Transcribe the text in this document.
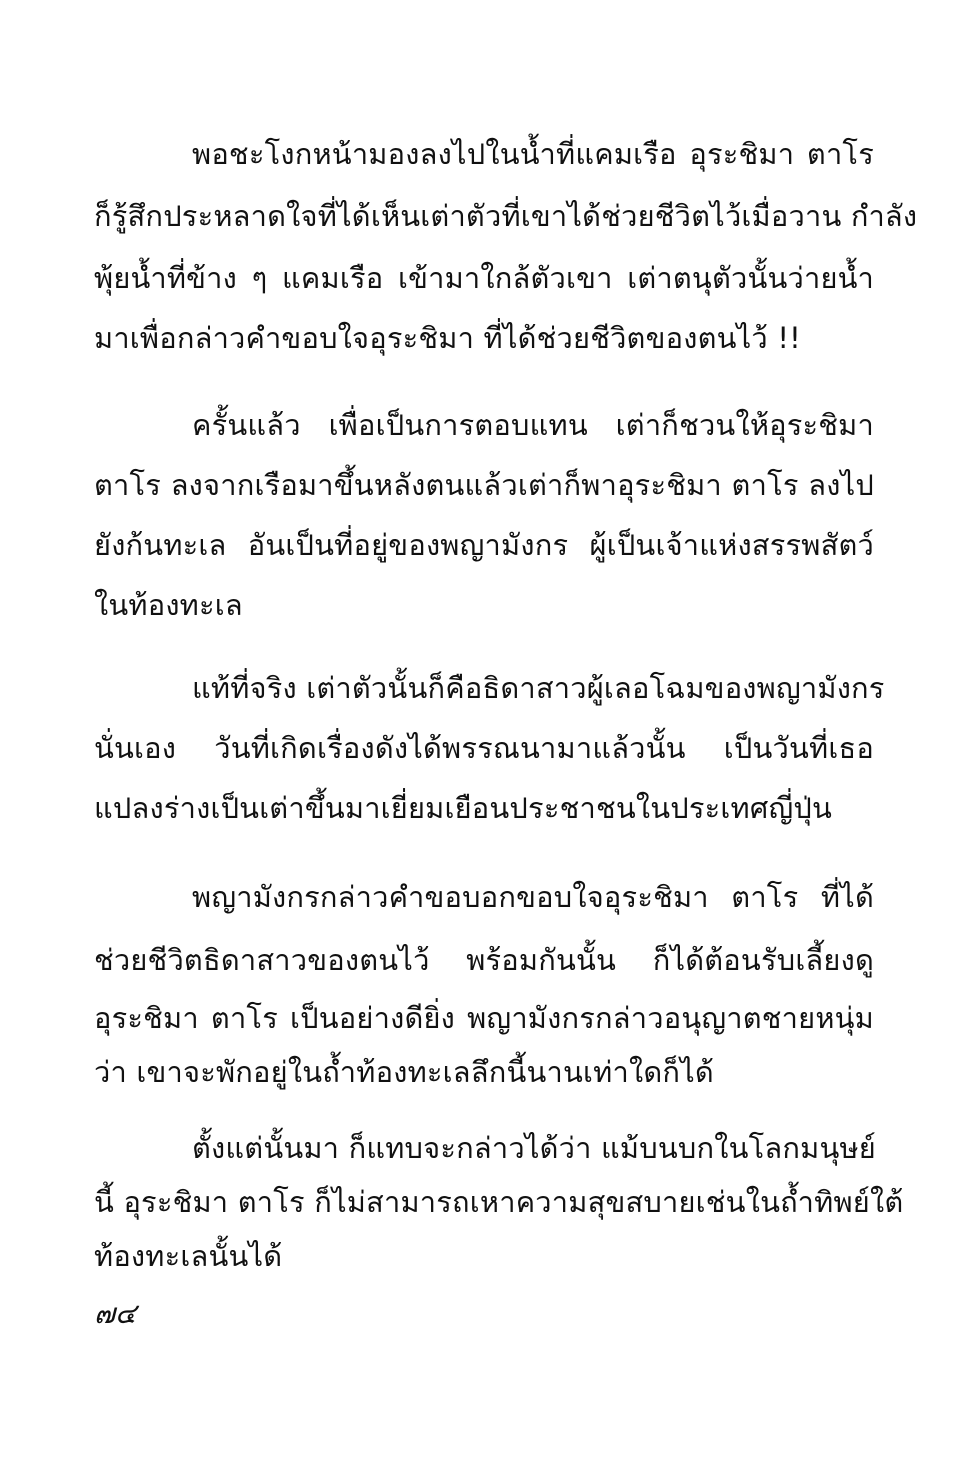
พอชะโงกหน้ามองลงไปในน้ำที่แคมเรือ อุระชิมา ตาโร
ก็รู้สึกประหลาดใจที่ได้เห็นเต่าตัวที่เขาได้ช่วยชีวิตไว้เมื่อวาน กำลัง
พุ้ยน้ำที่ข้าง ๆ แคมเรือ เข้ามาใกล้ตัวเขา เต่าตนุตัวนั้นว่ายน้ำ
มาเพื่อกล่าวคำขอบใจอุระชิมา ที่ได้ช่วยชีวิตของตนไว้ !!
ครั้นแล้ว เพื่อเป็นการตอบแทน เต่าก็ชวนให้อุระชิมา
ตาโร ลงจากเรือมาขึ้นหลังตนแล้วเต่าก็พาอุระชิมา ตาโร ลงไป
ยังก้นทะเล อันเป็นที่อยู่ของพญามังกร ผู้เป็นเจ้าแห่งสรรพสัตว์
ในท้องทะเล
แท้ที่จริง เต่าตัวนั้นก็คือธิดาสาวผู้เลอโฉมของพญามังกร
นั่นเอง วันที่เกิดเรื่องดังได้พรรณนามาแล้วนั้น เป็นวันที่เธอ
แปลงร่างเป็นเต่าขึ้นมาเยี่ยมเยือนประชาชนในประเทศญี่ปุ่น
พญามังกรกล่าวคำขอบอกขอบใจอุระชิมา ตาโร ที่ได้
ช่วยชีวิตธิดาสาวของตนไว้ พร้อมกันนั้น ก็ได้ต้อนรับเลี้ยงดู
อุระชิมา ตาโร เป็นอย่างดียิ่ง พญามังกรกล่าวอนุญาตชายหนุ่ม
ว่า เขาจะพักอยู่ในถ้ำท้องทะเลลึกนี้นานเท่าใดก็ได้
ตั้งแต่นั้นมา ก็แทบจะกล่าวได้ว่า แม้บนบกในโลกมนุษย์
นี้ อุระชิมา ตาโร ก็ไม่สามารถเหาความสุขสบายเช่นในถ้ำทิพย์ใต้
ท้องทะเลนั้นได้
๗๔
